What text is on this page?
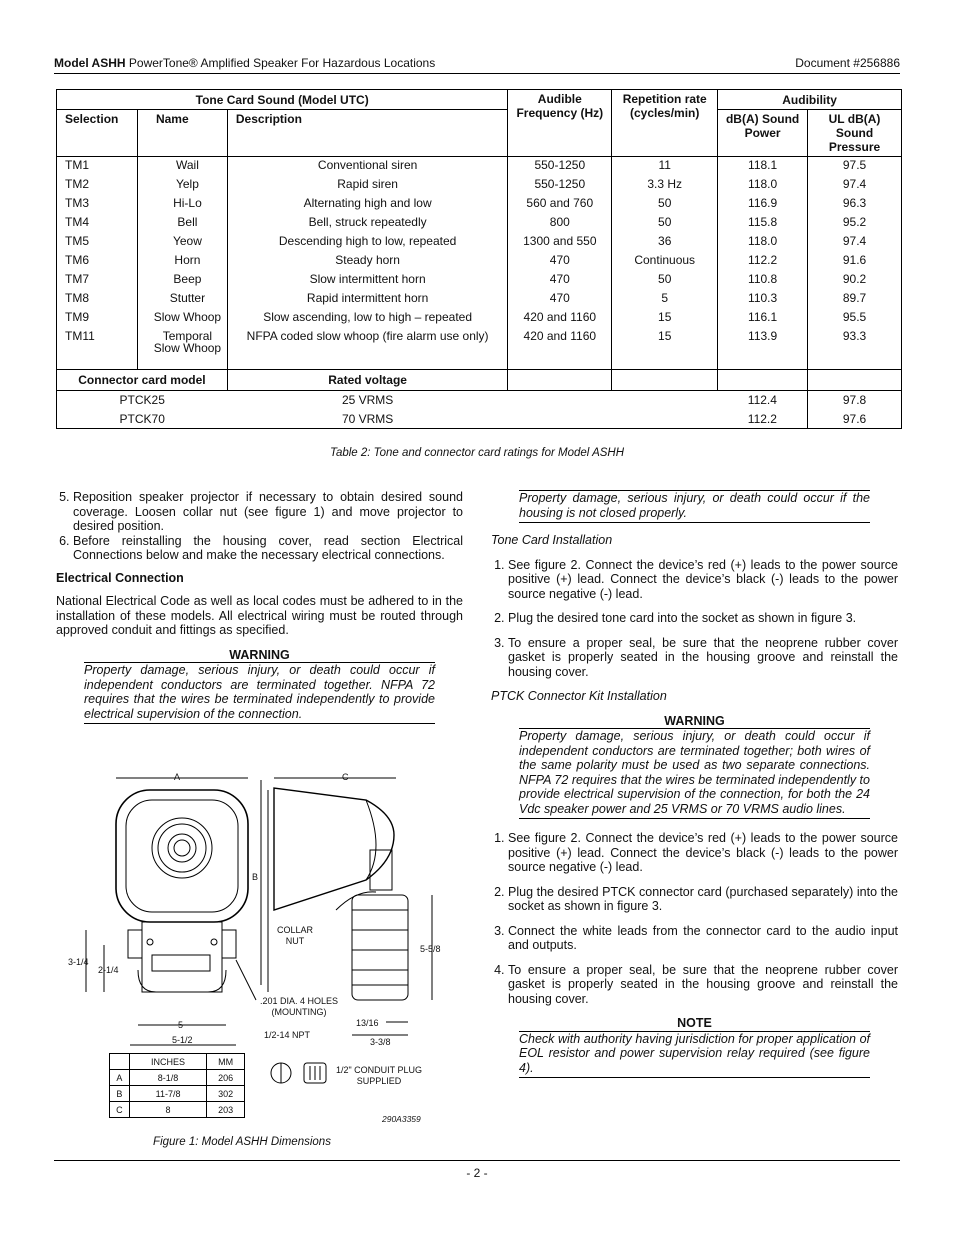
Model ASHH PowerTone® Amplified Speaker For Hazardous Locations	Document #256886
Tone Card Sound (Model UTC)			Audible Frequency (Hz)	Repetition rate (cycles/min)	Audibility	
Selection	Name	Description			dB(A) Sound Power	UL dB(A) Sound Pressure
TM1	Wail	Conventional siren	550-1250	11	118.1	97.5
TM2	Yelp	Rapid siren	550-1250	3.3 Hz	118.0	97.4
TM3	Hi-Lo	Alternating high and low	560 and 760	50	116.9	96.3
TM4	Bell	Bell, struck repeatedly	800	50	115.8	95.2
TM5	Yeow	Descending high to low, repeated	1300 and 550	36	118.0	97.4
TM6	Horn	Steady horn	470	Continuous	112.2	91.6
TM7	Beep	Slow intermittent horn	470	50	110.8	90.2
TM8	Stutter	Rapid intermittent horn	470	5	110.3	89.7
TM9	Slow Whoop	Slow ascending, low to high – repeated	420 and 1160	15	116.1	95.5
TM11	Temporal Slow Whoop	NFPA coded slow whoop (fire alarm use only)	420 and 1160	15	113.9	93.3
Connector card model		Rated voltage				
PTCK25		25 VRMS			112.4	97.8
PTCK70		70 VRMS			112.2	97.6
Table 2: Tone and connector card ratings for Model ASHH
5. Reposition speaker projector if necessary to obtain desired sound coverage. Loosen collar nut (see figure 1) and move projector to desired position.
6. Before reinstalling the housing cover, read section Electrical Connections below and make the necessary electrical connections.
Electrical Connection

National Electrical Code as well as local codes must be adhered to in the installation of these models. All electrical wiring must be routed through approved conduit and fittings as specified.

WARNING
Property damage, serious injury, or death could occur if independent conductors are terminated together. NFPA 72 requires that the wires be terminated independently to provide electrical supervision of the connection.
A	C
B
COLLAR
NUT
3-1/4
2-1/4
5-5/8
.201 DIA. 4 HOLES
(MOUNTING)
5
5-1/2	1/2-14 NPT
13/16
3-3/8
1/2" CONDUIT PLUG
SUPPLIED
290A3359
	INCHES	MM
A	8-1/8	206
B	11-7/8	302
C	8	203
Figure 1: Model ASHH Dimensions
Property damage, serious injury, or death could occur if the housing is not closed properly.
Tone Card Installation
1. See figure 2. Connect the device’s red (+) leads to the power source positive (+) lead. Connect the device’s black (-) leads to the power source negative (-) lead.
2. Plug the desired tone card into the socket as shown in figure 3.
3. To ensure a proper seal, be sure that the neoprene rubber cover gasket is properly seated in the housing groove and reinstall the housing cover.
PTCK Connector Kit Installation
WARNING
Property damage, serious injury, or death could occur if independent conductors are terminated together; both wires of the same polarity must be used as two separate connections. NFPA 72 requires that the wires be terminated independently to provide electrical supervision of the connection, for both the 24 Vdc speaker power and 25 VRMS or 70 VRMS audio lines.
1. See figure 2. Connect the device’s red (+) leads to the power source positive (+) lead. Connect the device’s black (-) leads to the power source negative (-) lead.
2. Plug the desired PTCK connector card (purchased separately) into the socket as shown in figure 3.
3. Connect the white leads from the connector card to the audio input and outputs.
4. To ensure a proper seal, be sure that the neoprene rubber cover gasket is properly seated in the housing groove and reinstall the housing cover.
NOTE
Check with authority having jurisdiction for proper application of EOL resistor and power supervision relay required (see figure 4).
- 2 -
